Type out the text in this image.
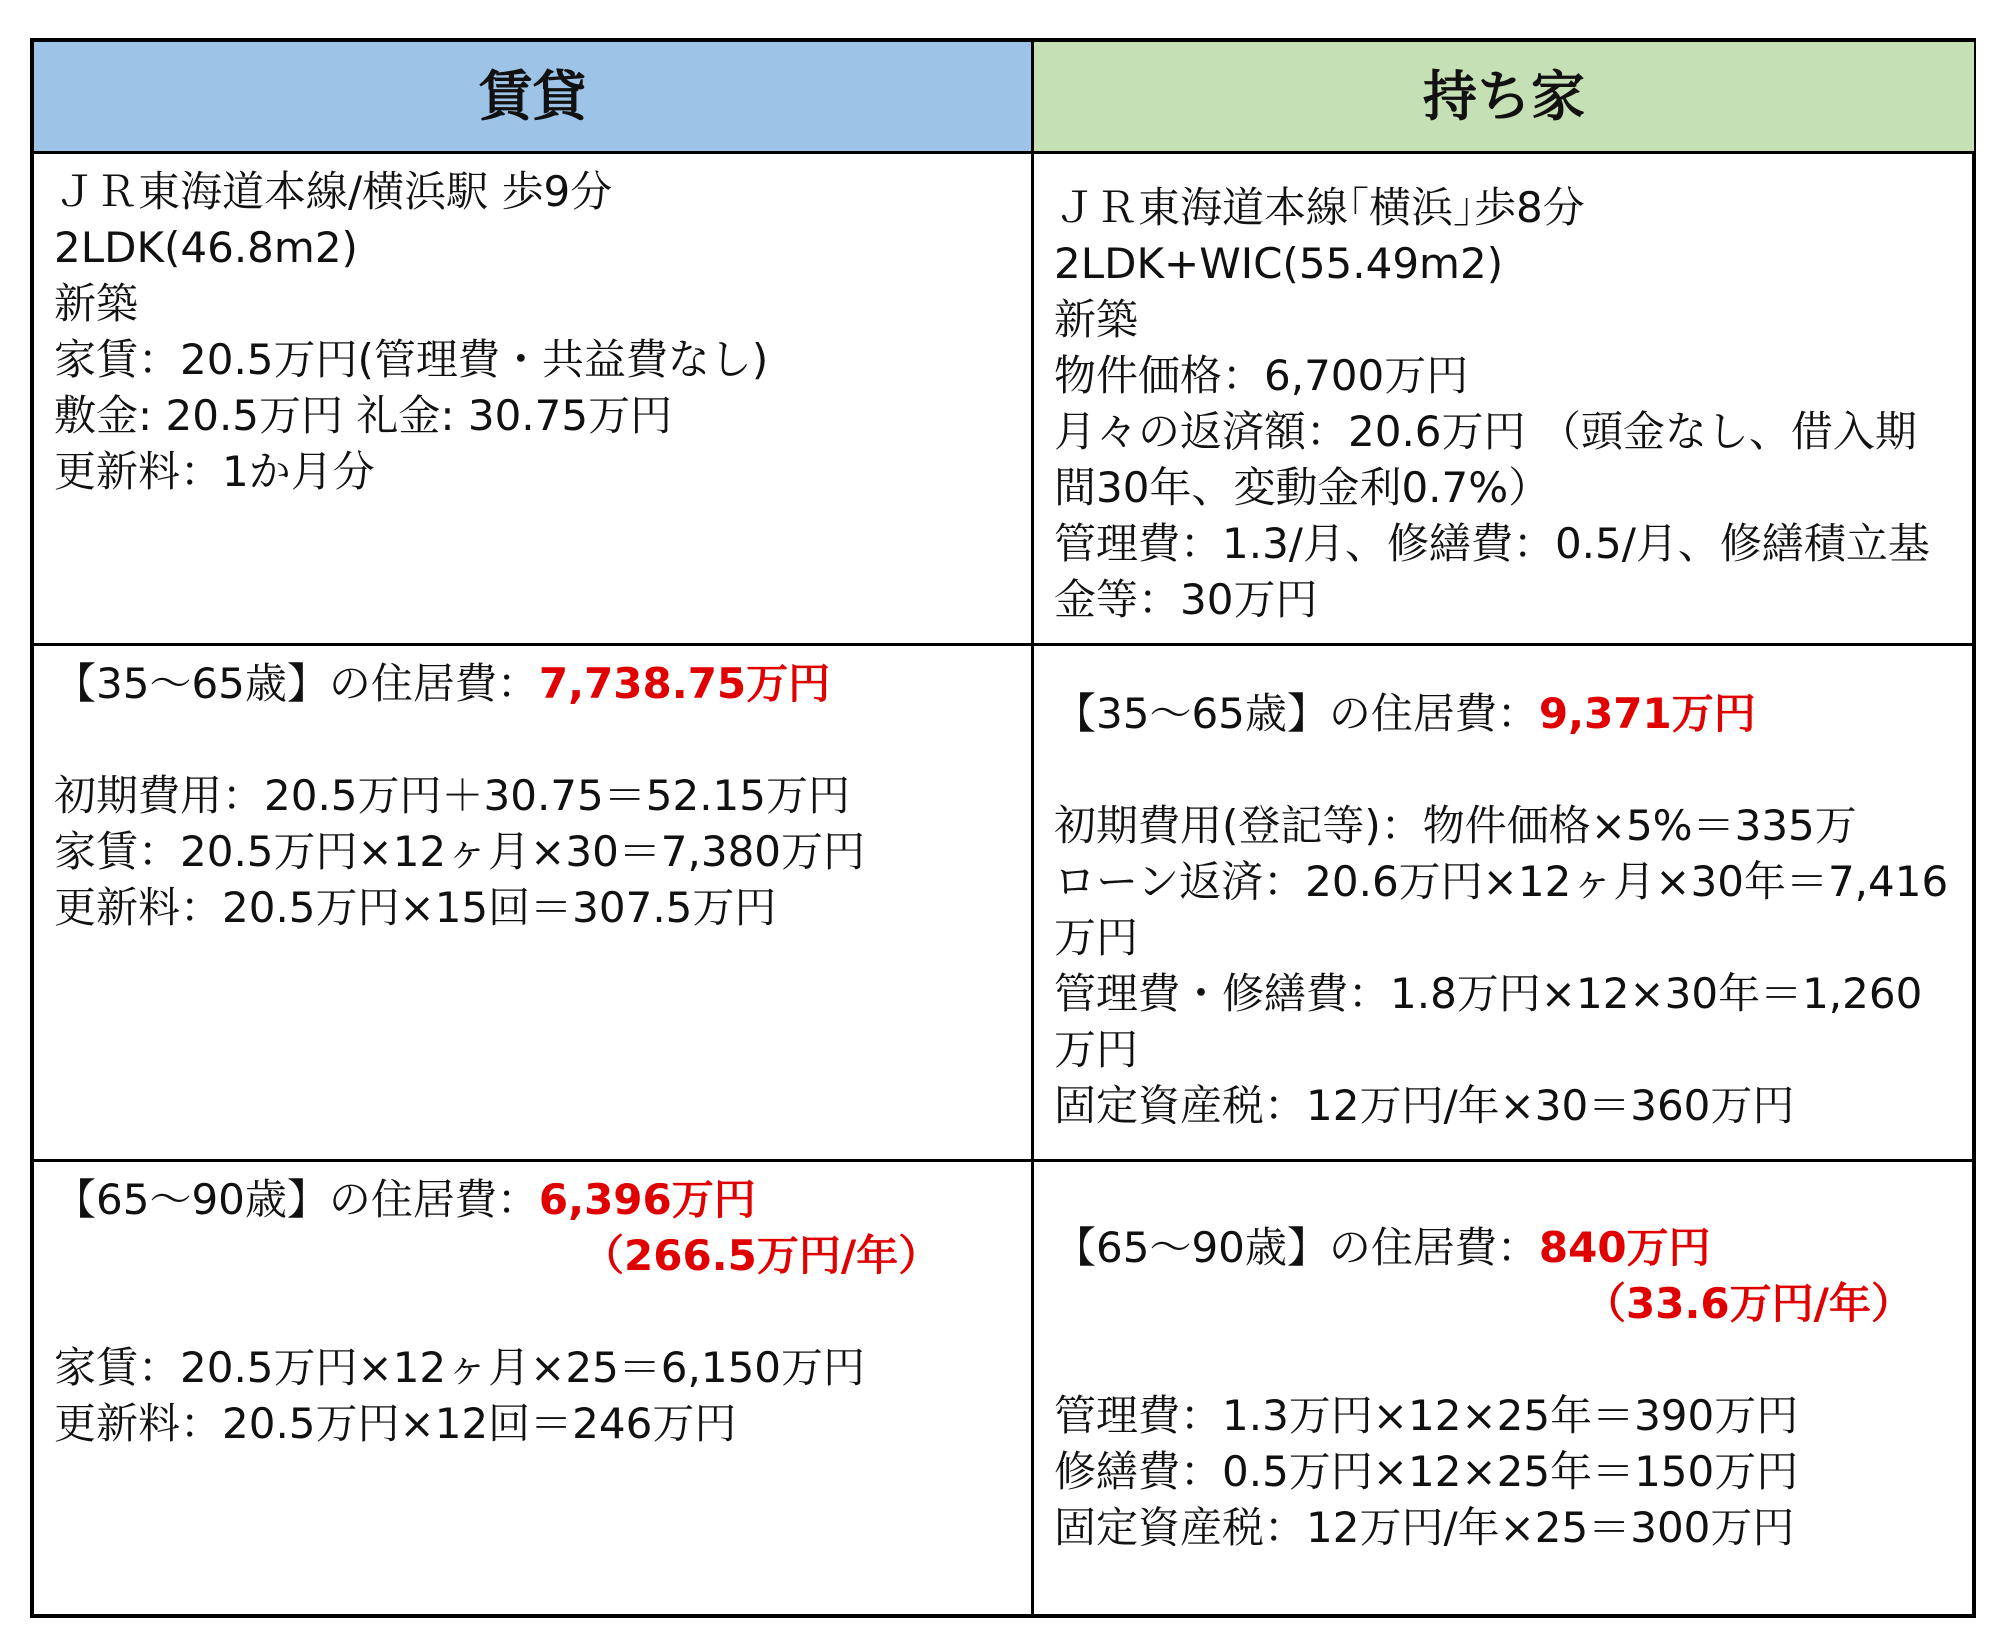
賃貸	持ち家
ＪＲ東海道本線/横浜駅 歩9分
2LDK(46.8m2)
新築
家賃：20.5万円(管理費・共益費なし)
敷金: 20.5万円 礼金: 30.75万円
更新料：1か月分
ＪＲ東海道本線｢横浜｣歩8分
2LDK+WIC(55.49m2)
新築
物件価格：6,700万円
月々の返済額：20.6万円 （頭金なし、借入期間30年、変動金利0.7%）
管理費：1.3/月、修繕費：0.5/月、修繕積立基金等：30万円
【35～65歳】の住居費：7,738.75万円
初期費用：20.5万円＋30.75＝52.15万円
家賃：20.5万円×12ヶ月×30＝7,380万円
更新料：20.5万円×15回＝307.5万円
【35～65歳】の住居費：9,371万円
初期費用(登記等)：物件価格×5%＝335万
ローン返済：20.6万円×12ヶ月×30年＝7,416万円
管理費・修繕費：1.8万円×12×30年＝1,260万円
固定資産税：12万円/年×30＝360万円
【65～90歳】の住居費：6,396万円
（266.5万円/年）
家賃：20.5万円×12ヶ月×25＝6,150万円
更新料：20.5万円×12回＝246万円
【65～90歳】の住居費：840万円
（33.6万円/年）
管理費：1.3万円×12×25年＝390万円
修繕費：0.5万円×12×25年＝150万円
固定資産税：12万円/年×25＝300万円
